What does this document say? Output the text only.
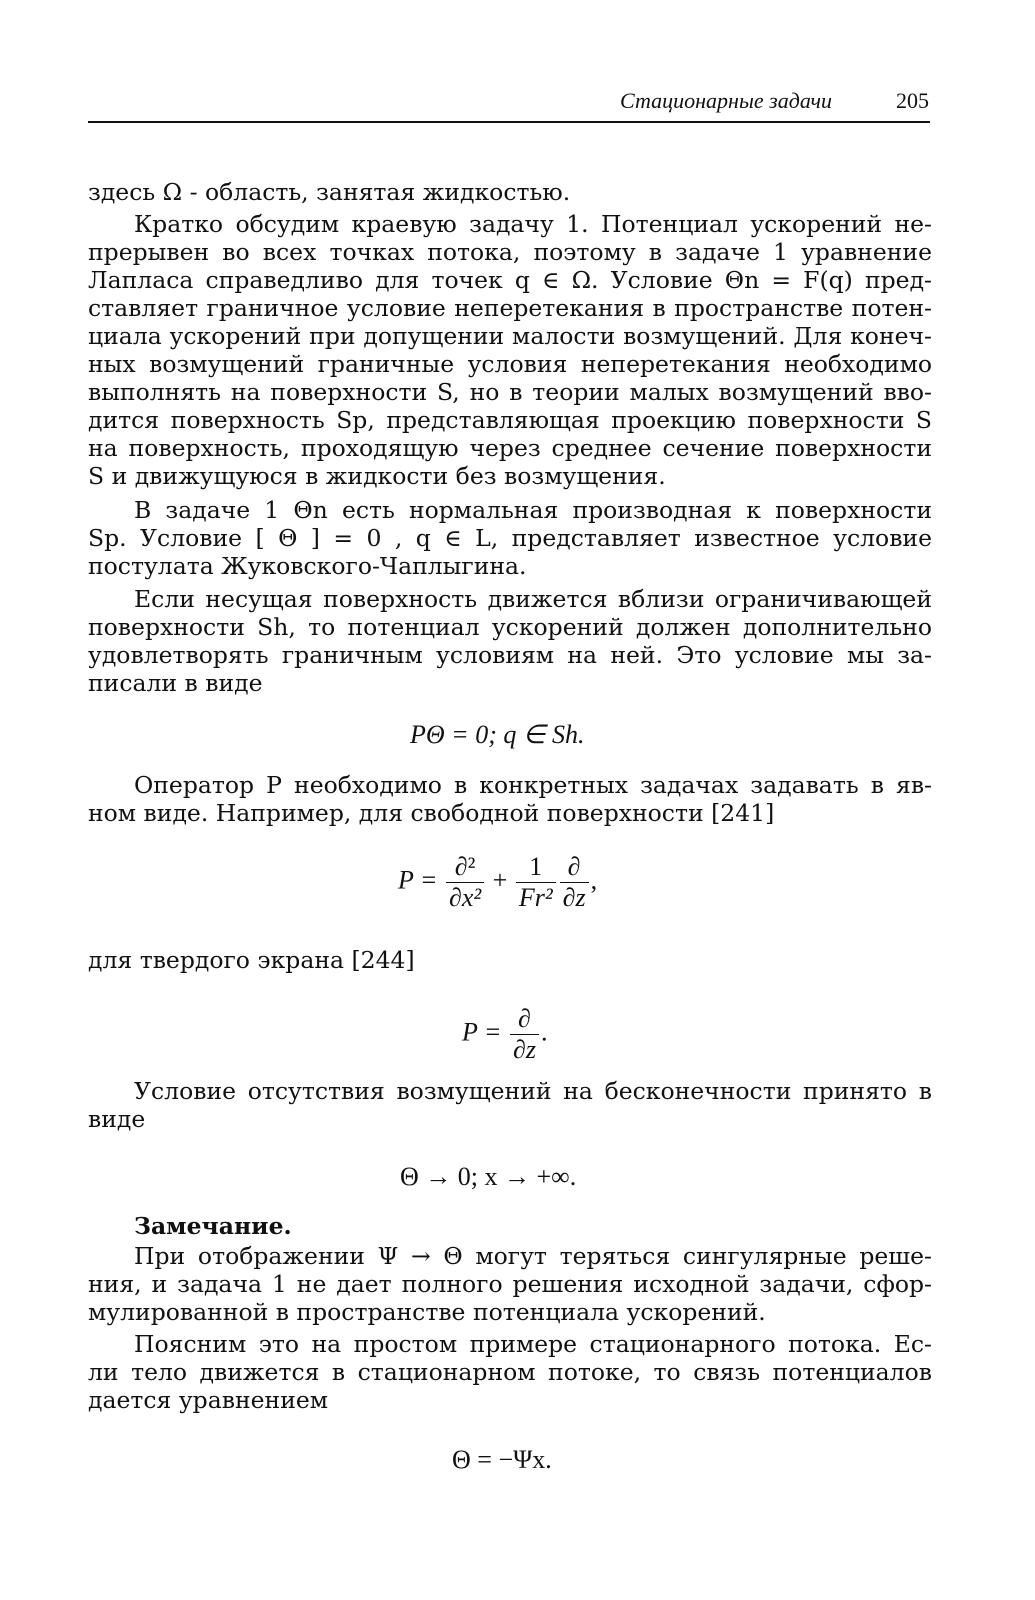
Стационарные задачи	205
здесь Ω - область, занятая жидкостью.
Кратко обсудим краевую задачу 1. Потенциал ускорений не-
прерывен во всех точках потока, поэтому в задаче 1 уравнение
Лапласа справедливо для точек q ∈ Ω. Условие Θn = F(q) пред-
ставляет граничное условие неперетекания в пространстве потен-
циала ускорений при допущении малости возмущений. Для конеч-
ных возмущений граничные условия неперетекания необходимо
выполнять на поверхности S, но в теории малых возмущений вво-
дится поверхность Sp, представляющая проекцию поверхности S
на поверхность, проходящую через среднее сечение поверхности
S и движущуюся в жидкости без возмущения.
В задаче 1 Θn есть нормальная производная к поверхности
Sp. Условие [ Θ ] = 0 , q ∈ L, представляет известное условие
постулата Жуковского-Чаплыгина.
Если несущая поверхность движется вблизи ограничивающей
поверхности Sh, то потенциал ускорений должен дополнительно
удовлетворять граничным условиям на ней. Это условие мы за-
писали в виде
PΘ = 0; q ∈ Sh.
Оператор P необходимо в конкретных задачах задавать в яв-
ном виде. Например, для свободной поверхности [241]
$P = \frac{\text{∂²}}{\text{∂x²}} + \frac{1}{\text{Fr²}} \frac{\partial}{\partial z}$ ,
для твердого экрана [244]
$P = \frac{\partial}{\partial z}$ .
Условие отсутствия возмущений на бесконечности принято в
виде
Θ → 0; x → +∞.
Замечание.
При отображении Ψ → Θ могут теряться сингулярные реше-
ния, и задача 1 не дает полного решения исходной задачи, сфор-
мулированной в пространстве потенциала ускорений.
Поясним это на простом примере стационарного потока. Ес-
ли тело движется в стационарном потоке, то связь потенциалов
дается уравнением
Θ = −Ψx.
